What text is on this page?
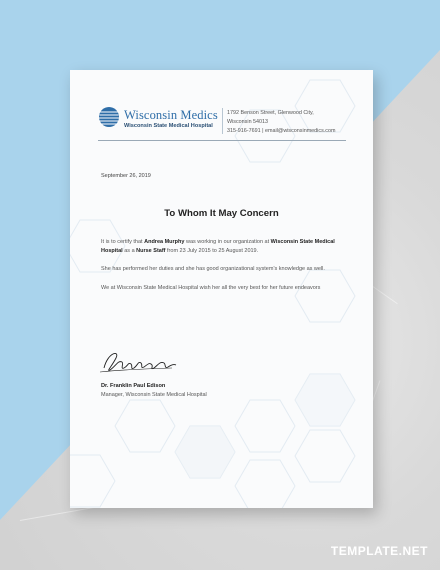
Wisconsin Medics
Wisconsin State Medical Hospital
1792 Benson Street, Glenwood City,
Wisconsin 54013
315-916-7691 | email@wisconsinmedics.com
September 26, 2019
To Whom It May Concern
It is to certify that Andrea Murphy was working in our organization at Wisconsin State Medical Hospital as a Nurse Staff from 23 July 2015 to 25 August 2019.
She has performed her duties and she has good organizational system's knowledge as well.
We at Wisconsin State Medical Hospital wish her all the very best for her future endeavors
Dr. Franklin Paul Edison
Manager, Wisconsin State Medical Hospital
TEMPLATE.NET
